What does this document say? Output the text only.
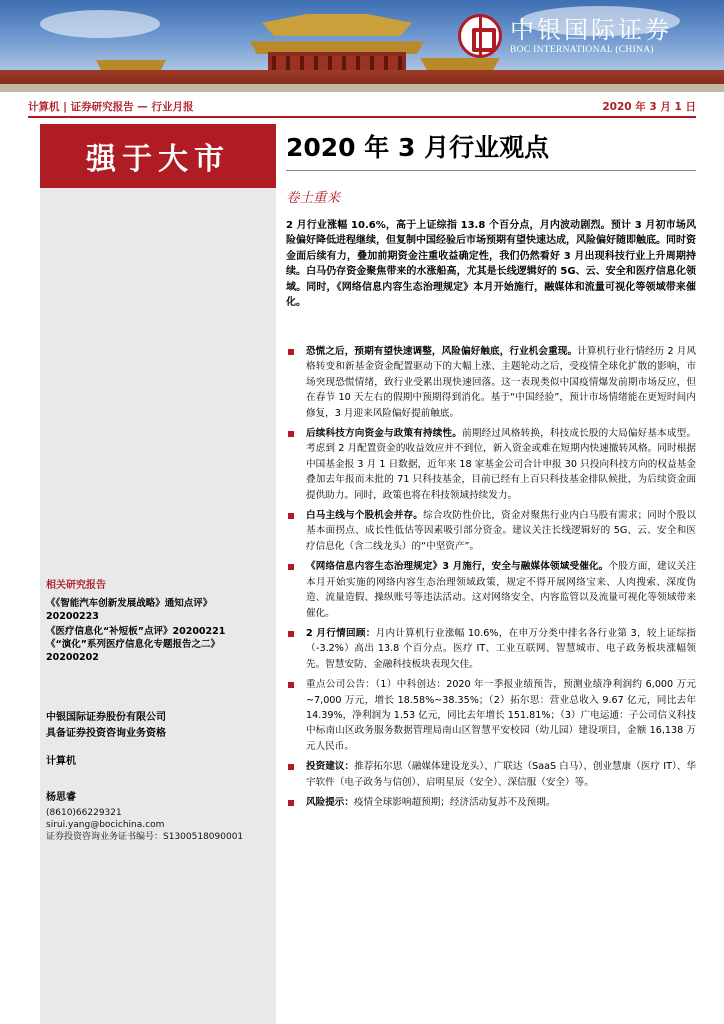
中银国际证券
BOC INTERNATIONAL (CHINA)
计算机 | 证券研究报告 — 行业月报	2020 年 3 月 1 日
强于大市
相关研究报告
《《智能汽车创新发展战略》通知点评》
20200223
《医疗信息化“补短板”点评》20200221
《“演化”系列医疗信息化专题报告之二》
20200202
中银国际证券股份有限公司
具备证券投资咨询业务资格
计算机
杨思睿
(8610)66229321
sirui.yang@bocichina.com
证券投资咨询业务证书编号：S1300518090001
2020 年 3 月行业观点
卷土重来
2 月行业涨幅 10.6%，高于上证综指 13.8 个百分点，月内波动剧烈。预计 3 月初市场风险偏好降低进程继续，但复制中国经验后市场预期有望快速达成，风险偏好随即触底。同时资金面后续有力，叠加前期资金注重收益确定性，我们仍然看好 3 月出现科技行业上升周期持续。白马仍存资金聚焦带来的水涨船高，尤其是长线逻辑好的 5G、云、安全和医疗信息化领域。同时，《网络信息内容生态治理规定》本月开始施行，融媒体和流量可视化等领域带来催化。
恐慌之后，预期有望快速调整，风险偏好触底，行业机会重现。计算机行业行情经历 2 月风格转变和新基金资金配置驱动下的大幅上涨、主题轮动之后，受疫情全球化扩散的影响，市场突现恐慌情绪，致行业受累出现快速回落。这一表现类似中国疫情爆发前期市场反应，但在春节 10 天左右的假期中预期得到消化。基于“中国经验”，预计市场情绪能在更短时间内修复，3 月迎来风险偏好提前触底。
后续科技方向资金与政策有持续性。前期经过风格转换，科技成长股的大局偏好基本成型。考虑到 2 月配置资金的收益效应并不到位，新入资金或难在短期内快速撤转风格。同时根据中国基金报 3 月 1 日数据，近年来 18 家基金公司合计申报 30 只投向科技方向的权益基金叠加去年报而未批的 71 只科技基金，目前已经有上百只科技基金排队候批，为后续资金面提供助力。同时，政策也将在科技领域持续发力。
白马主线与个股机会并存。综合攻防性价比，资金对聚焦行业内白马股有需求；同时个股以基本面拐点、成长性低估等因素吸引部分资金。建议关注长线逻辑好的 5G、云、安全和医疗信息化（含二线龙头）的“中坚资产”。
《网络信息内容生态治理规定》3 月施行，安全与融媒体领域受催化。个股方面，建议关注本月开始实施的网络内容生态治理领域政策，规定不得开展网络宝来、人肉搜索、深度伪造、流量造假、操纵账号等违法活动。这对网络安全、内容监管以及流量可视化等领域带来催化。
2 月行情回顾：月内计算机行业涨幅 10.6%，在申万分类中排名各行业第 3，较上证综指（-3.2%）高出 13.8 个百分点。医疗 IT、工业互联网、智慧城市、电子政务板块涨幅领先。智慧安防、金融科技板块表现欠佳。
重点公司公告：（1）中科创达：2020 年一季报业绩预告，预测业绩净利润约 6,000 万元~7,000 万元，增长 18.58%~38.35%；（2）拓尔思：营业总收入 9.67 亿元，同比去年 14.39%，净利润为 1.53 亿元，同比去年增长 151.81%；（3）广电运通：子公司信义科技中标南山区政务服务数据管理局南山区智慧平安校园（幼儿园）建设项目，金额 16,138 万元人民币。
投资建议：推荐拓尔思（融媒体建设龙头）、广联达（SaaS 白马）、创业慧康（医疗 IT）、华宇软件（电子政务与信创）、启明星辰（安全）、深信服（安全）等。
风险提示：疫情全球影响超预期；经济活动复苏不及预期。
